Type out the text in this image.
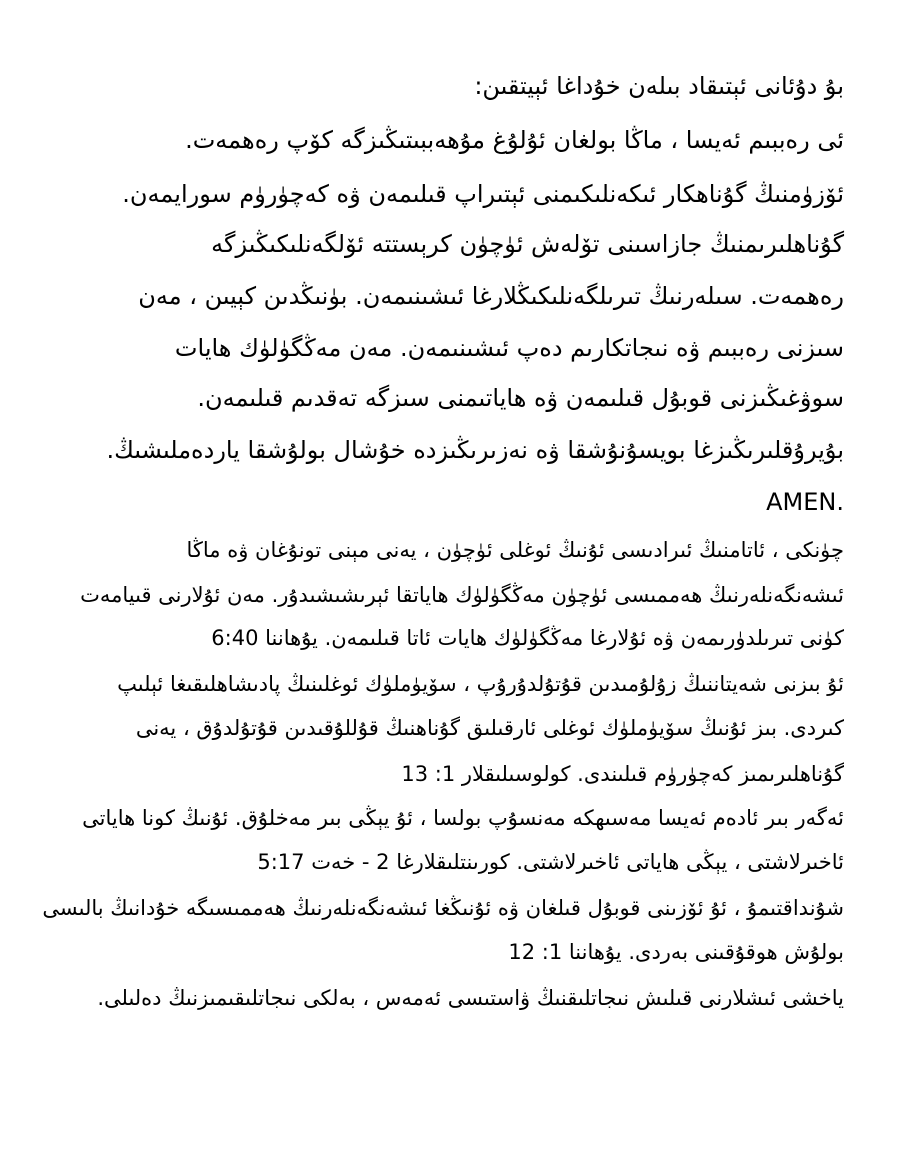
بۇ دۇئانى ئېتىقاد بىلەن خۇداغا ئېيتقىن:
ئى رەببىم ئەيسا ، ماڭا بولغان ئۇلۇغ مۇھەببىتىڭىزگە كۆپ رەھمەت.
ئۆزۈمنىڭ گۇناھكار ئىكەنلىكىمنى ئېتىراپ قىلىمەن ۋە كەچۈرۈم سورايمەن.
گۇناھلىرىمنىڭ جازاسىنى تۆلەش ئۈچۈن كرېستتە ئۆلگەنلىكىڭىزگە
رەھمەت. سىلەرنىڭ تىرىلگەنلىكىڭلارغا ئىشىنىمەن. بۈنىڭدىن كېيىن ، مەن
سىزنى رەببىم ۋە نىجاتكارىم دەپ ئىشىنىمەن. مەن مەڭگۈلۈك ھايات
سوۋغىڭىزنى قوبۇل قىلىمەن ۋە ھاياتىمنى سىزگە تەقدىم قىلىمەن.
بۇيرۇقلىرىڭىزغا بويسۇنۇشقا ۋە نەزىرىڭىزدە خۇشال بولۇشقا ياردەملىشىڭ.
AMEN.
چۈنكى ، ئاتامنىڭ ئىرادىسى ئۇنىڭ ئوغلى ئۈچۈن ، يەنى مېنى تونۇغان ۋە ماڭا
ئىشەنگەنلەرنىڭ ھەممىسى ئۈچۈن مەڭگۈلۈك ھاياتقا ئېرىشىشىدۇر. مەن ئۇلارنى قىيامەت
كۈنى تىرىلدۈرىمەن ۋە ئۇلارغا مەڭگۈلۈك ھايات ئاتا قىلىمەن. يۇھاننا 6:40
ئۇ بىزنى شەيتاننىڭ زۇلۇمىدىن قۇتۇلدۇرۇپ ، سۆيۈملۈك ئوغلىنىڭ پادىشاھلىقىغا ئېلىپ
كىردى. بىز ئۇنىڭ سۆيۈملۈك ئوغلى ئارقىلىق گۇناھنىڭ قۇللۇقىدىن قۇتۇلدۇق ، يەنى
گۇناھلىرىمىز كەچۈرۈم قىلىندى. كولوسىلىقلار 1: 13
ئەگەر بىر ئادەم ئەيسا مەسىھكە مەنسۇپ بولسا ، ئۇ يېڭى بىر مەخلۇق. ئۇنىڭ كونا ھاياتى
ئاخىرلاشتى ، يېڭى ھاياتى ئاخىرلاشتى. كورىنتلىقلارغا 2 - خەت 5:17
شۇنداقتىمۇ ، ئۇ ئۆزىنى قوبۇل قىلغان ۋە ئۇنىڭغا ئىشەنگەنلەرنىڭ ھەممىسىگە خۇدانىڭ بالىسى
بولۇش ھوقۇقىنى بەردى. يۇھاننا 1: 12
ياخشى ئىشلارنى قىلىش نىجاتلىقنىڭ ۋاستىسى ئەمەس ، بەلكى نىجاتلىقىمىزنىڭ دەلىلى.
